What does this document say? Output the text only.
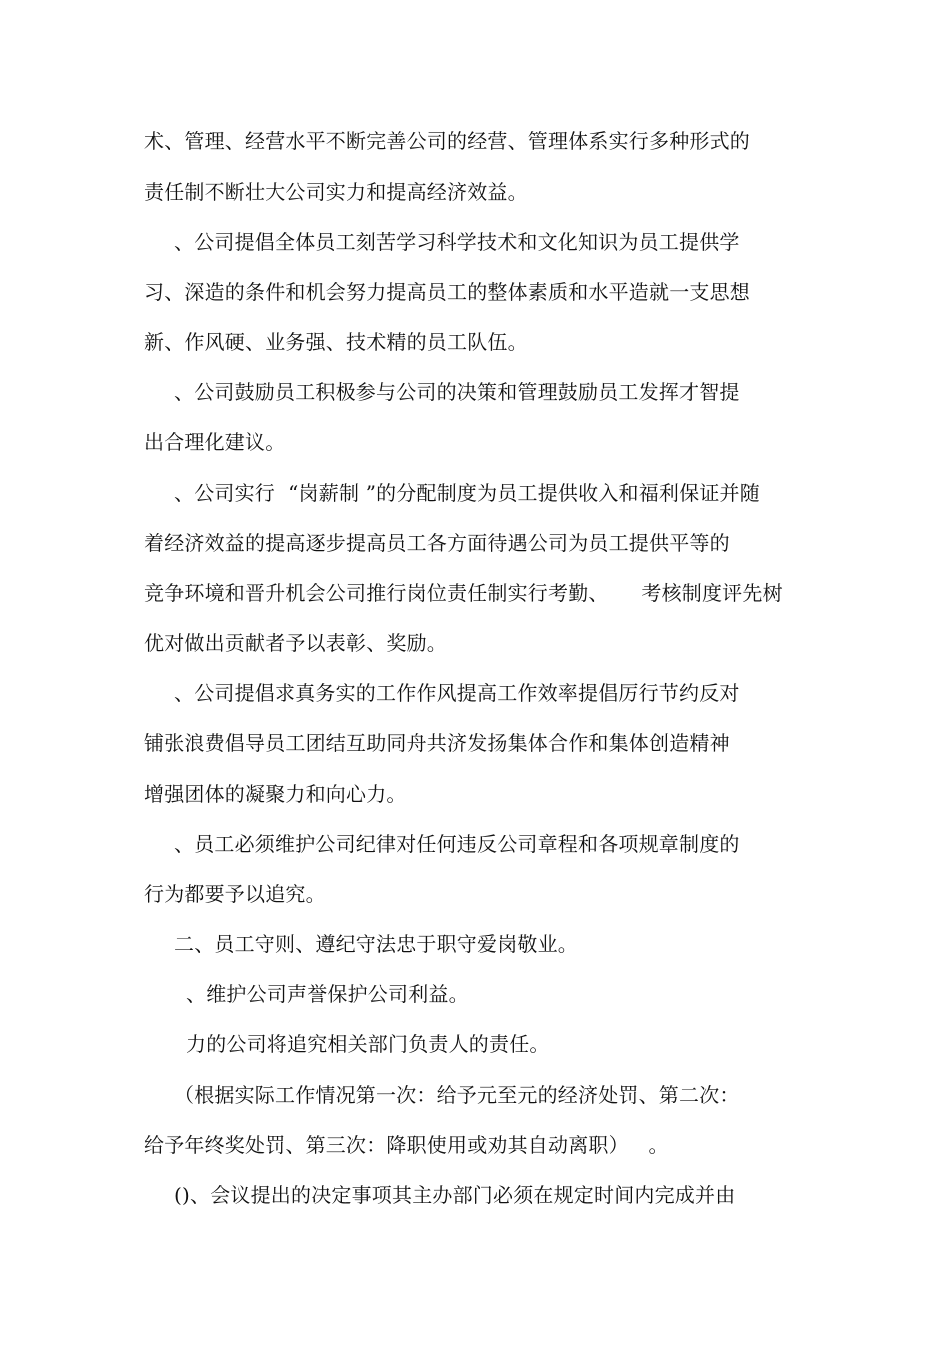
术、管理、经营水平不断完善公司的经营、管理体系实行多种形式的
责任制不断壮大公司实力和提高经济效益。
、公司提倡全体员工刻苦学习科学技术和文化知识为员工提供学
习、深造的条件和机会努力提高员工的整体素质和水平造就一支思想
新、作风硬、业务强、技术精的员工队伍。
、公司鼓励员工积极参与公司的决策和管理鼓励员工发挥才智提
出合理化建议。
、公司实行  “岗薪制 ”的分配制度为员工提供收入和福利保证并随
着经济效益的提高逐步提高员工各方面待遇公司为员工提供平等的
竞争环境和晋升机会公司推行岗位责任制实行考勤、     考核制度评先树
优对做出贡献者予以表彰、奖励。
、公司提倡求真务实的工作作风提高工作效率提倡厉行节约反对
铺张浪费倡导员工团结互助同舟共济发扬集体合作和集体创造精神
增强团体的凝聚力和向心力。
、员工必须维护公司纪律对任何违反公司章程和各项规章制度的
行为都要予以追究。
二、员工守则、遵纪守法忠于职守爱岗敬业。
、维护公司声誉保护公司利益。
力的公司将追究相关部门负责人的责任。
（根据实际工作情况第一次：给予元至元的经济处罚、第二次：
给予年终奖处罚、第三次：降职使用或劝其自动离职）   。
()、会议提出的决定事项其主办部门必须在规定时间内完成并由
